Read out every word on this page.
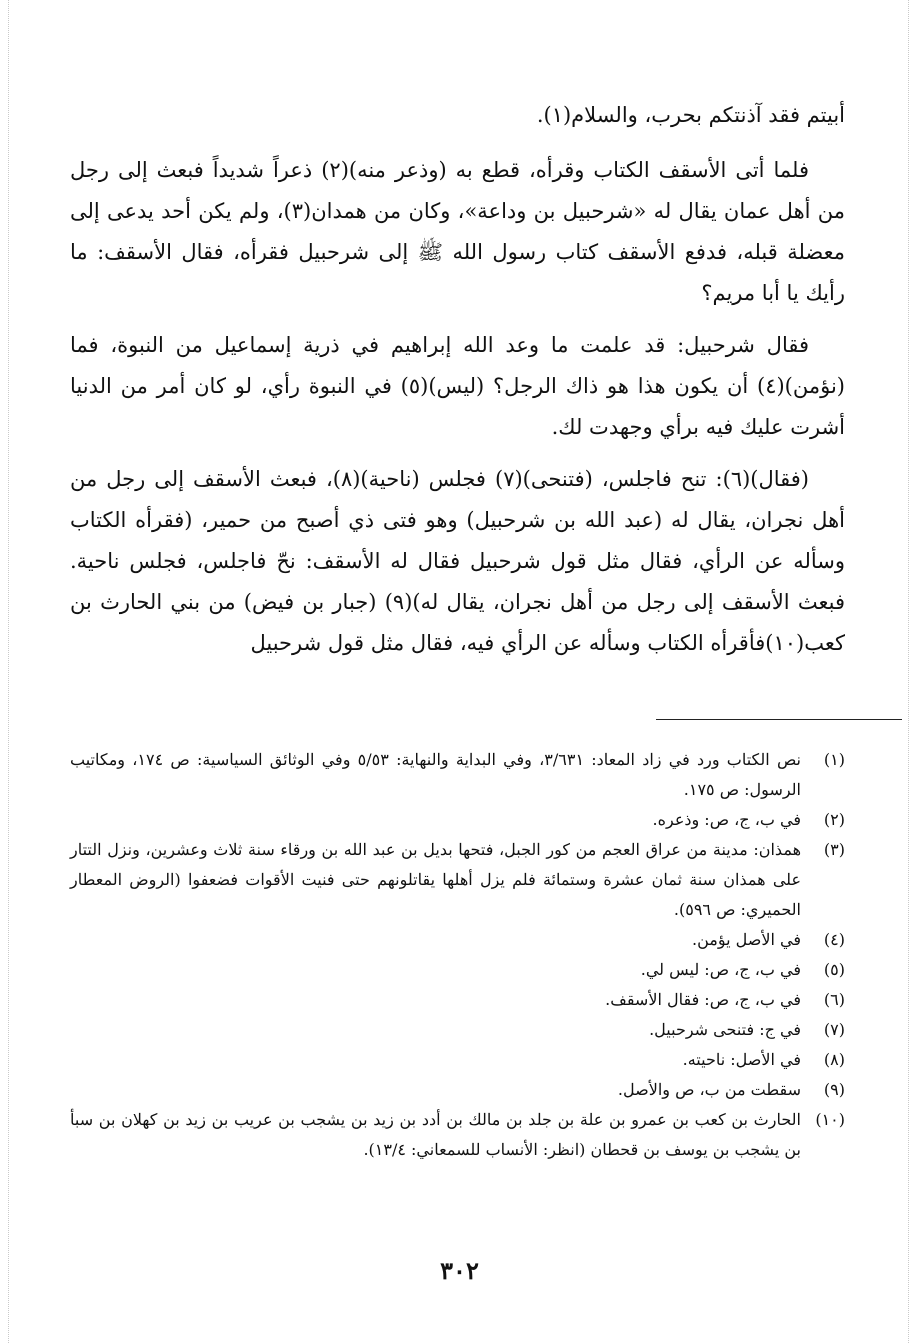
أبيتم فقد آذنتكم بحرب، والسلام(١).

فلما أتى الأسقف الكتاب وقرأه، قطع به (وذعر منه)(٢) ذعراً شديداً فبعث إلى رجل من أهل عمان يقال له «شرحبيل بن وداعة»، وكان من همدان(٣)، ولم يكن أحد يدعى إلى معضلة قبله، فدفع الأسقف كتاب رسول الله ﷺ إلى شرحبيل فقرأه، فقال الأسقف: ما رأيك يا أبا مريم؟

فقال شرحبيل: قد علمت ما وعد الله إبراهيم في ذرية إسماعيل من النبوة، فما (نؤمن)(٤) أن يكون هذا هو ذاك الرجل؟ (ليس)(٥) في النبوة رأي، لو كان أمر من الدنيا أشرت عليك فيه برأي وجهدت لك.

(فقال)(٦): تنح فاجلس، (فتنحى)(٧) فجلس (ناحية)(٨)، فبعث الأسقف إلى رجل من أهل نجران، يقال له (عبد الله بن شرحبيل) وهو فتى ذي أصبح من حمير، (فقرأه الكتاب وسأله عن الرأي، فقال مثل قول شرحبيل فقال له الأسقف: نحّ فاجلس، فجلس ناحية. فبعث الأسقف إلى رجل من أهل نجران، يقال له)(٩) (جبار بن فيض) من بني الحارث بن كعب(١٠)فأقرأه الكتاب وسأله عن الرأي فيه، فقال مثل قول شرحبيل

(١)
نص الكتاب ورد في زاد المعاد: ٣/٦٣١، وفي البداية والنهاية: ٥/٥٣ وفي الوثائق السياسية: ص ١٧٤، ومكاتيب الرسول: ص ١٧٥.
(٢)
في ب، ج، ص: وذعره.
(٣)
همذان: مدينة من عراق العجم من كور الجبل، فتحها بديل بن عبد الله بن ورقاء سنة ثلاث وعشرين، ونزل التتار على همذان سنة ثمان عشرة وستمائة فلم يزل أهلها يقاتلونهم حتى فنيت الأقوات فضعفوا (الروض المعطار الحميري: ص ٥٩٦).
(٤)
في الأصل يؤمن.
(٥)
في ب، ج، ص: ليس لي.
(٦)
في ب، ج، ص: فقال الأسقف.
(٧)
في ج: فتنحى شرحبيل.
(٨)
في الأصل: ناحيته.
(٩)
سقطت من ب، ص والأصل.
(١٠)
الحارث بن كعب بن عمرو بن علة بن جلد بن مالك بن أدد بن زيد بن يشجب بن عريب بن زيد بن كهلان بن سبأ بن يشجب بن يوسف بن قحطان (انظر: الأنساب للسمعاني: ١٣/٤).
٣٠٢
